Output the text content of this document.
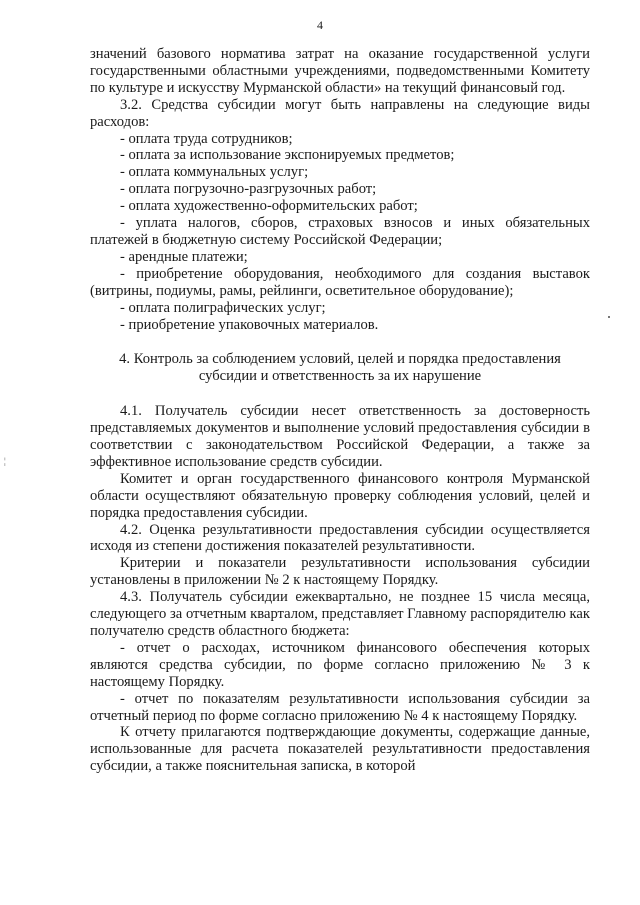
4

значений базового норматива затрат на оказание государственной услуги государственными областными учреждениями, подведомственными Комитету по культуре и искусству Мурманской области» на текущий финансовый год.

3.2. Средства субсидии могут быть направлены на следующие виды расходов:

- оплата труда сотрудников;

- оплата за использование экспонируемых предметов;

- оплата коммунальных услуг;

- оплата погрузочно-разгрузочных работ;

- оплата художественно-оформительских работ;

- уплата налогов, сборов, страховых взносов и иных обязательных платежей в бюджетную систему Российской Федерации;

- арендные платежи;

- приобретение оборудования, необходимого для создания выставок (витрины, подиумы, рамы, рейлинги, осветительное оборудование);

- оплата полиграфических услуг;

- приобретение упаковочных материалов.

4. Контроль за соблюдением условий, целей и порядка предоставления субсидии и ответственность за их нарушение

4.1. Получатель субсидии несет ответственность за достоверность представляемых документов и выполнение условий предоставления субсидии в соответствии с законодательством Российской Федерации, а также за эффективное использование средств субсидии.

Комитет и орган государственного финансового контроля Мурманской области осуществляют обязательную проверку соблюдения условий, целей и порядка предоставления субсидии.

4.2. Оценка результативности предоставления субсидии осуществляется исходя из степени достижения показателей результативности.

Критерии и показатели результативности использования субсидии установлены в приложении № 2 к настоящему Порядку.

4.3. Получатель субсидии ежеквартально, не позднее 15 числа месяца, следующего за отчетным кварталом, представляет Главному распорядителю как получателю средств областного бюджета:

- отчет о расходах, источником финансового обеспечения которых являются средства субсидии, по форме согласно приложению № 3 к настоящему Порядку.

- отчет по показателям результативности использования субсидии за отчетный период по форме согласно приложению № 4 к настоящему Порядку.

К отчету прилагаются подтверждающие документы, содержащие данные, использованные для расчета показателей результативности предоставления субсидии, а также пояснительная записка, в которой

¦
